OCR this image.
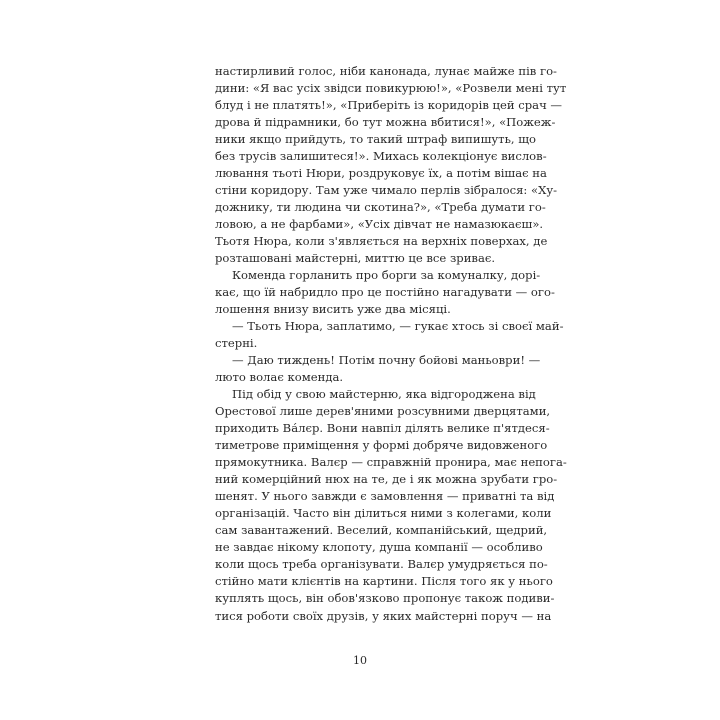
настирливий голос, ніби канонада, лунає майже пів го-
дини: «Я вас усіх звідси повикурюю!», «Розвели мені тут
блуд і не платять!», «Приберіть із коридорів цей срач —
дрова й підрамники, бо тут можна вбитися!», «Пожеж-
ники якщо прийдуть, то такий штраф випишуть, що
без трусів залишитеся!». Михась колекціонує вислов-
лювання тьоті Нюри, роздруковує їх, а потім вішає на
стіни коридору. Там уже чимало перлів зібралося: «Ху-
дожнику, ти людина чи скотина?», «Треба думати го-
ловою, а не фарбами», «Усіх дівчат не намазюкаєш».
Тьотя Нюра, коли з'являється на верхніх поверхах, де
розташовані майстерні, миттю це все зриває.
Коменда горланить про борги за комуналку, дорі-
кає, що їй набридло про це постійно нагадувати — ого-
лошення внизу висить уже два місяці.
— Тьоть Нюра, заплатимо, — гукає хтось зі своєї май-
стерні.
— Даю тиждень! Потім почну бойові маньоври! —
люто волає коменда.
Під обід у свою майстерню, яка відгороджена від
Орестової лише дерев'яними розсувними дверцятами,
приходить Ва́лєр. Вони навпіл ділять велике п'ятдеся-
тиметрове приміщення у формі добряче видовженого
прямокутника. Валєр — справжній пронира, має непога-
ний комерційний нюх на те, де і як можна зрубати гро-
шенят. У нього завжди є замовлення — приватні та від
організацій. Часто він ділиться ними з колегами, коли
сам завантажений. Веселий, компанійський, щедрий,
не завдає нікому клопоту, душа компанії — особливо
коли щось треба організувати. Валєр умудряється по-
стійно мати клієнтів на картини. Після того як у нього
куплять щось, він обов'язково пропонує також подиви-
тися роботи своїх друзів, у яких майстерні поруч — на
10
